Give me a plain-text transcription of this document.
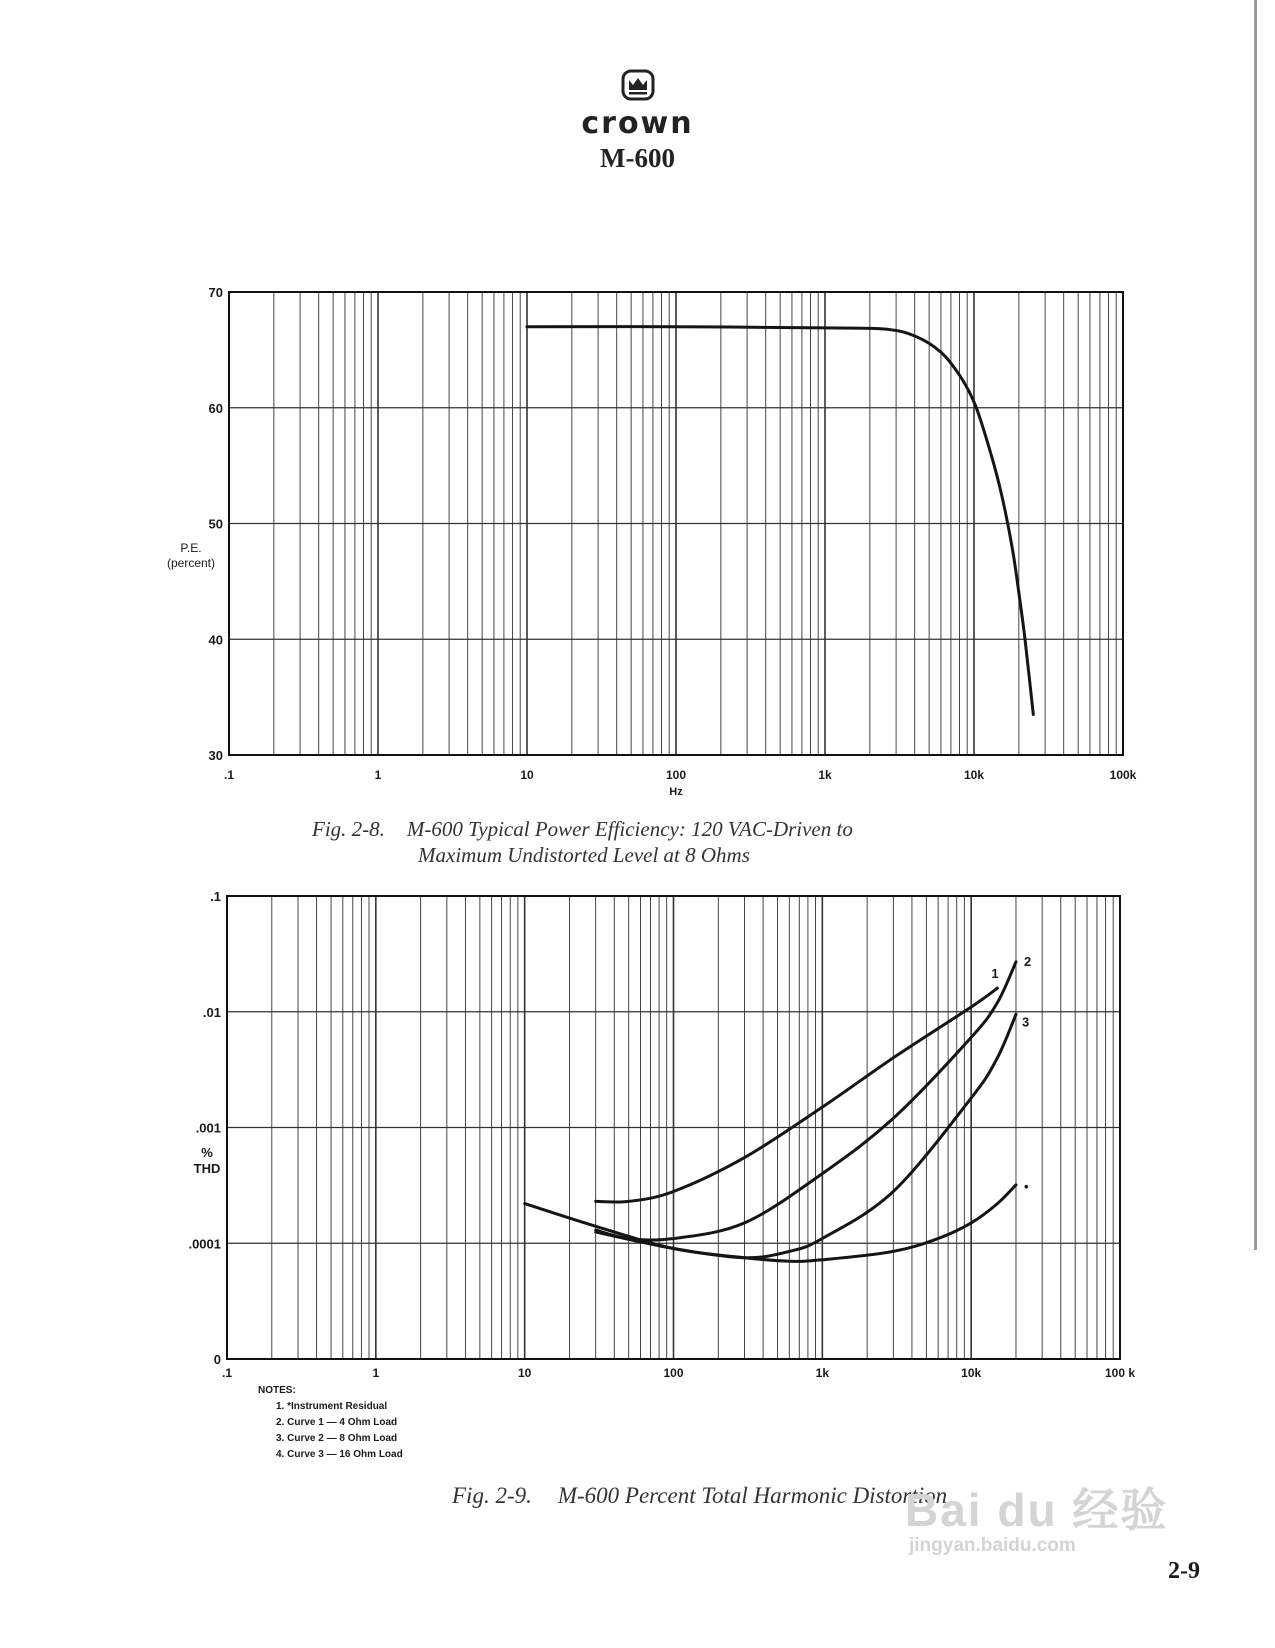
crown
M-600
70
60
50
40
30
.1	1	10	100	1k	10k	100k
Hz
P.E.
(percent)
Fig. 2-8. M-600 Typical Power Efficiency: 120 VAC-Driven to
Maximum Undistorted Level at 8 Ohms
.1
.01
.001
.0001
0
.1	1	10	100	1k	10k	100 k
%
THD
•
1
2
3
NOTES:
1. *Instrument Residual
2. Curve 1 — 4 Ohm Load
3. Curve 2 — 8 Ohm Load
4. Curve 3 — 16 Ohm Load
Fig. 2-9. M-600 Percent Total Harmonic Distortion
Bai du 经验
jingyan.baidu.com
2-9
